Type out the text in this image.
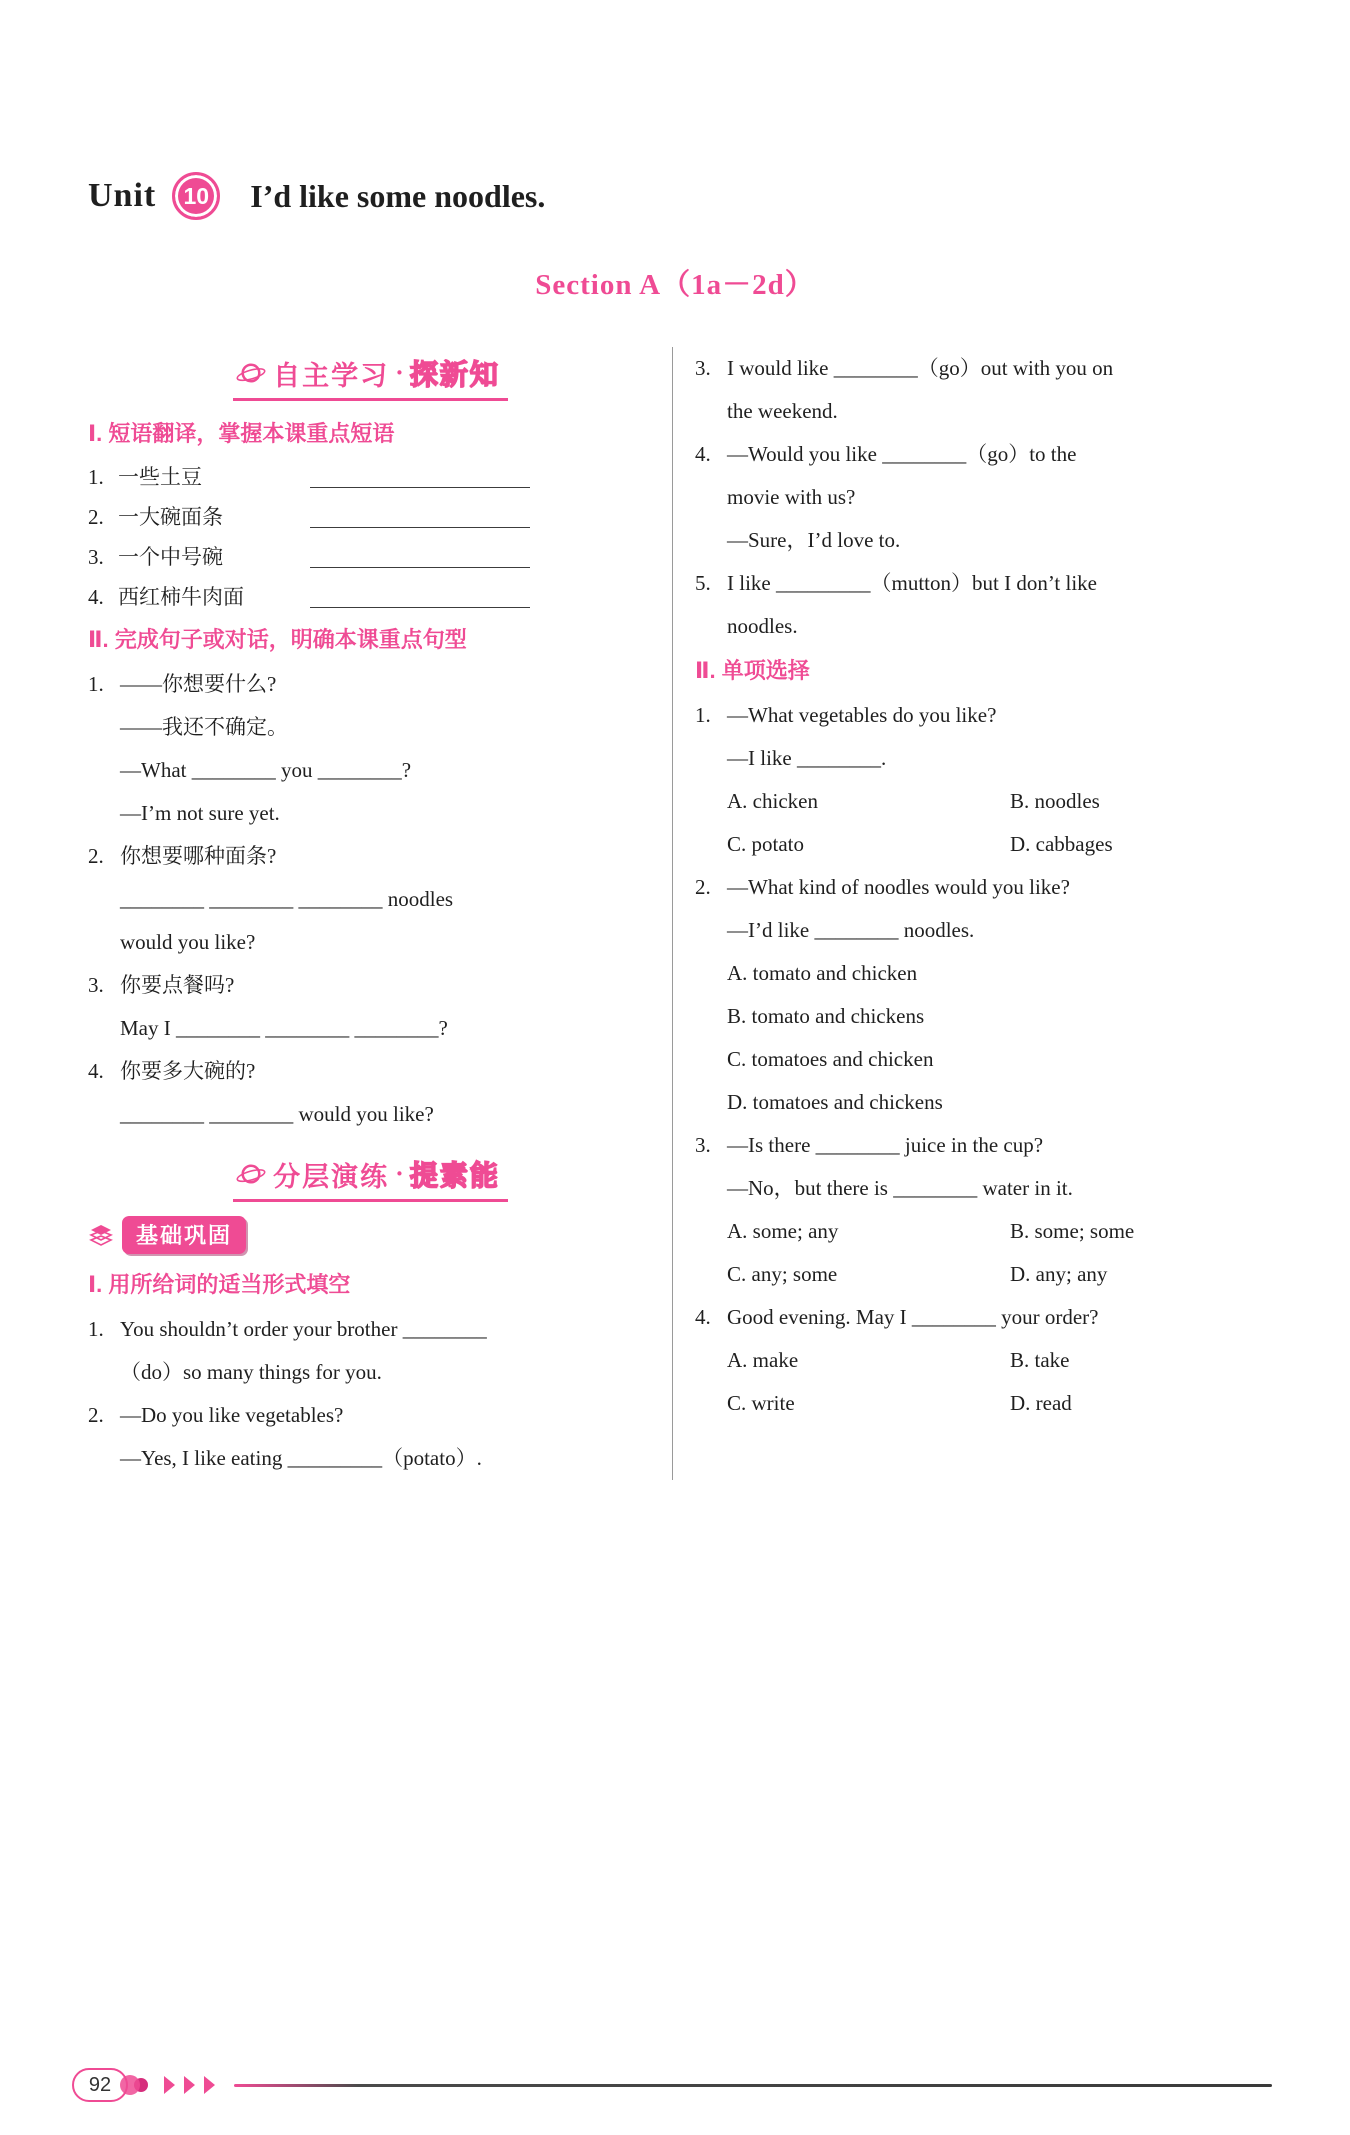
Unit 10 I’d like some noodles.
Section A（1a－2d）
自主学习 · 探新知
Ⅰ. 短语翻译，掌握本课重点短语
1. 一些土豆
2. 一大碗面条
3. 一个中号碗
4. 西红柿牛肉面
Ⅱ. 完成句子或对话，明确本课重点句型
1. ——你想要什么?
——我还不确定。
—What ________ you ________?
—I’m not sure yet.
2. 你想要哪种面条?
________ ________ ________ noodles
would you like?
3. 你要点餐吗?
May I ________ ________ ________?
4. 你要多大碗的?
________ ________ would you like?
分层演练 · 提素能
基础巩固
Ⅰ. 用所给词的适当形式填空
1. You shouldn’t order your brother ________
（do）so many things for you.
2. —Do you like vegetables?
—Yes, I like eating _________（potato）.
3. I would like ________（go）out with you on
the weekend.
4. —Would you like ________（go）to the
movie with us?
—Sure，I’d love to.
5. I like _________（mutton）but I don’t like
noodles.
Ⅱ. 单项选择
1. —What vegetables do you like?
—I like ________.
A. chicken	B. noodles
C. potato	D. cabbages
2. —What kind of noodles would you like?
—I’d like ________ noodles.
A. tomato and chicken
B. tomato and chickens
C. tomatoes and chicken
D. tomatoes and chickens
3. —Is there ________ juice in the cup?
—No，but there is ________ water in it.
A. some; any	B. some; some
C. any; some	D. any; any
4. Good evening. May I ________ your order?
A. make	B. take
C. write	D. read
92
